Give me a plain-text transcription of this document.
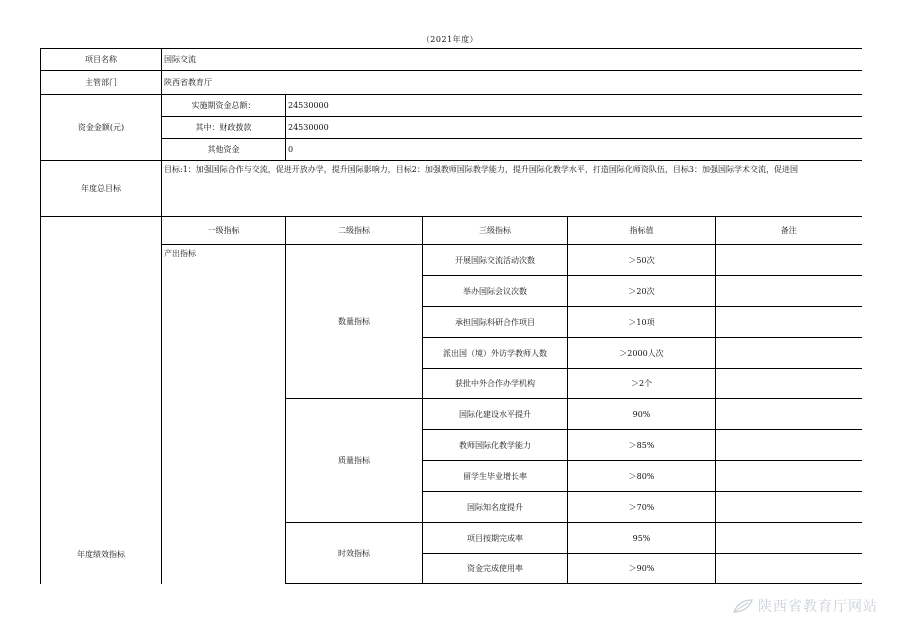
（2021年度）
项目名称	国际交流				
主管部门	陕西省教育厅				
资金金额(元)	实施期资金总额：	24530000			
	其中：财政拨款	24530000			
	其他资金	0			
年度总目标	目标:1：加强国际合作与交流，促进开放办学，提升国际影响力，目标2：加强教师国际教学能力，提升国际化教学水平，打造国际化师资队伍，目标3：加强国际学术交流，促进国				
年度绩效指标	一级指标	二级指标	三级指标	指标值	备注
	产出指标	数量指标	开展国际交流活动次数	＞50次	
			举办国际会议次数	＞20次	
			承担国际科研合作项目	＞10项	
			派出国（境）外访学教师人数	＞2000人次	
			获批中外合作办学机构	＞2个	
		质量指标	国际化建设水平提升	90%	
			教师国际化教学能力	＞85%	
			留学生毕业增长率	＞80%	
			国际知名度提升	＞70%	
		时效指标	项目按期完成率	95%	
			资金完成使用率	＞90%	
陕西省教育厅网站
